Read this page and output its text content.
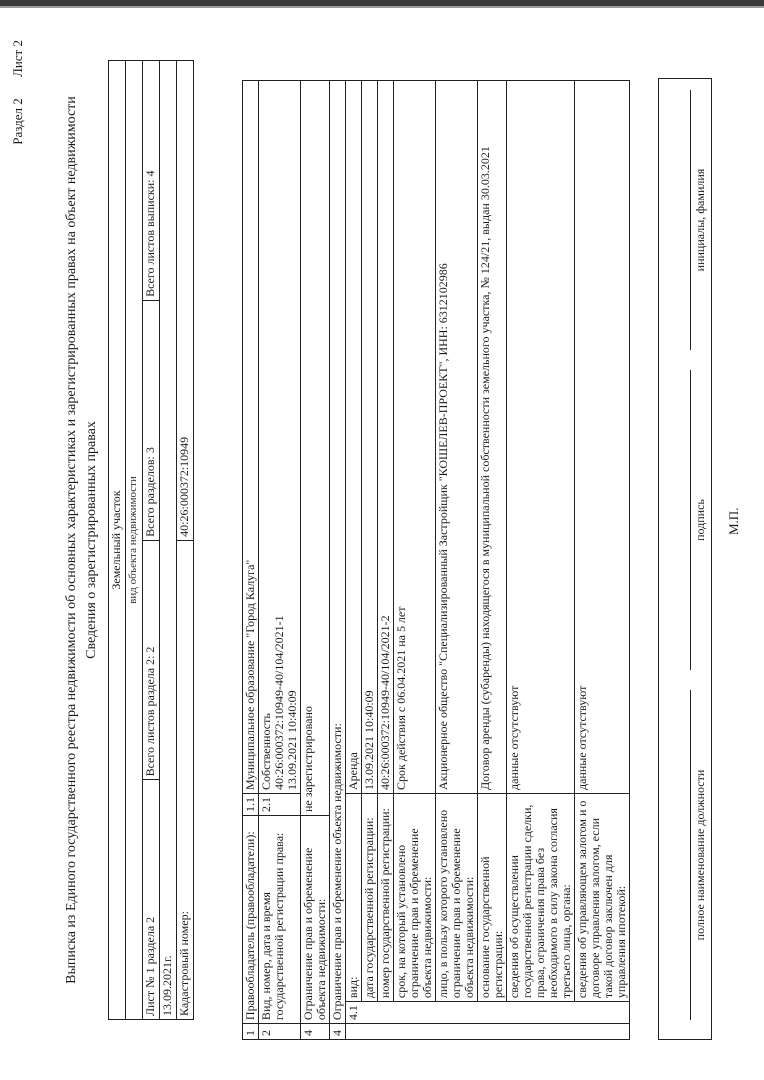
Раздел 2 Лист 2
Выписка из Единого государственного реестра недвижимости об основных характеристиках и зарегистрированных правах на объект недвижимости Сведения о зарегистрированных правах Земельный участок			
вид объекта недвижимости			
Лист № 1 раздела 2	Всего листов раздела 2: 2	Всего разделов: 3	Всего листов выписки: 4
13.09.2021г.			
Кадастровый номер:		40:26:000372:10949	
1	Правообладатель (правообладатели):		1.1	Муниципальное образование "Город Калуга"
2	Вид, номер, дата и время государственной регистрации права:		2.1	Собственность 40:26:000372:10949-40/104/2021-1 13.09.2021 10:40:09

4	Ограничение прав и обременение объекта недвижимости:		не зарегистрировано	
4	Ограничение прав и обременение объекта недвижимости:			
	4.1	вид:		Аренда
		дата государственной регистрации:		13.09.2021 10:40:09
		номер государственной регистрации:		40:26:000372:10949-40/104/2021-2
		срок, на который установлено ограничение прав и обременение объекта недвижимости:		Срок действия с 06.04.2021 на 5 лет
		лицо, в пользу которого установлено ограничение прав и обременение объекта недвижимости:		Акционерное общество "Специализированный Застройщик "КОШЕЛЕВ-ПРОЕКТ", ИНН: 6312102986
		основание государственной регистрации:		Договор аренды (субаренды) находящегося в муниципальной собственности земельного участка, № 124/21, выдан 30.03.2021
		сведения об осуществлении государственной регистрации сделки, права, ограничения права без необходимого в силу закона согласия третьего лица, органа:		данные отсутствуют
		сведения об управляющем залогом и о договоре управления залогом, если такой договор заключен для управления ипотекой:		данные отсутствуют
полное наименование должности
подпись
инициалы, фамилия
М.П.
